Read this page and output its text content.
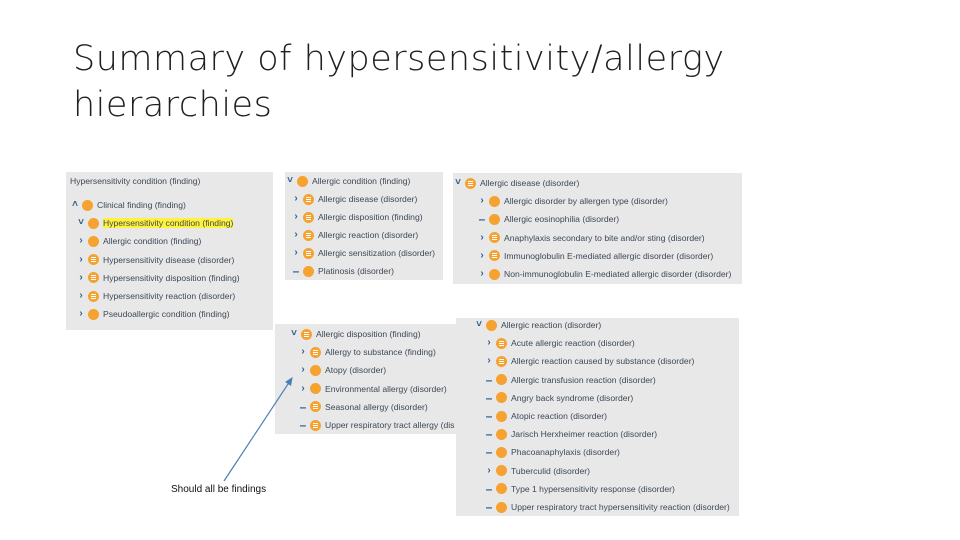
Summary of hypersensitivity/allergy
hierarchies
Hypersensitivity condition (finding)
˄ Clinical finding (finding)
˅ Hypersensitivity condition (finding)
›	Allergic condition (finding)
›	Hypersensitivity disease (disorder)
›	Hypersensitivity disposition (finding)
›	Hypersensitivity reaction (disorder)
›	Pseudoallergic condition (finding)
˅ Allergic condition (finding)
›	Allergic disease (disorder)
›	Allergic disposition (finding)
›	Allergic reaction (disorder)
›	Allergic sensitization (disorder)
– Platinosis (disorder)
˅ Allergic disease (disorder)
›	Allergic disorder by allergen type (disorder)
– Allergic eosinophilia (disorder)
›	Anaphylaxis secondary to bite and/or sting (disorder)
›	Immunoglobulin E-mediated allergic disorder (disorder)
›	Non-immunoglobulin E-mediated allergic disorder (disorder)
˅ Allergic disposition (finding)
›	Allergy to substance (finding)
›	Atopy (disorder)
›	Environmental allergy (disorder)
– Seasonal allergy (disorder)
– Upper respiratory tract allergy (dis
˅ Allergic reaction (disorder)
›	Acute allergic reaction (disorder)
›	Allergic reaction caused by substance (disorder)
– Allergic transfusion reaction (disorder)
– Angry back syndrome (disorder)
– Atopic reaction (disorder)
– Jarisch Herxheimer reaction (disorder)
– Phacoanaphylaxis (disorder)
›	Tuberculid (disorder)
– Type 1 hypersensitivity response (disorder)
– Upper respiratory tract hypersensitivity reaction (disorder)
Should all be findings
